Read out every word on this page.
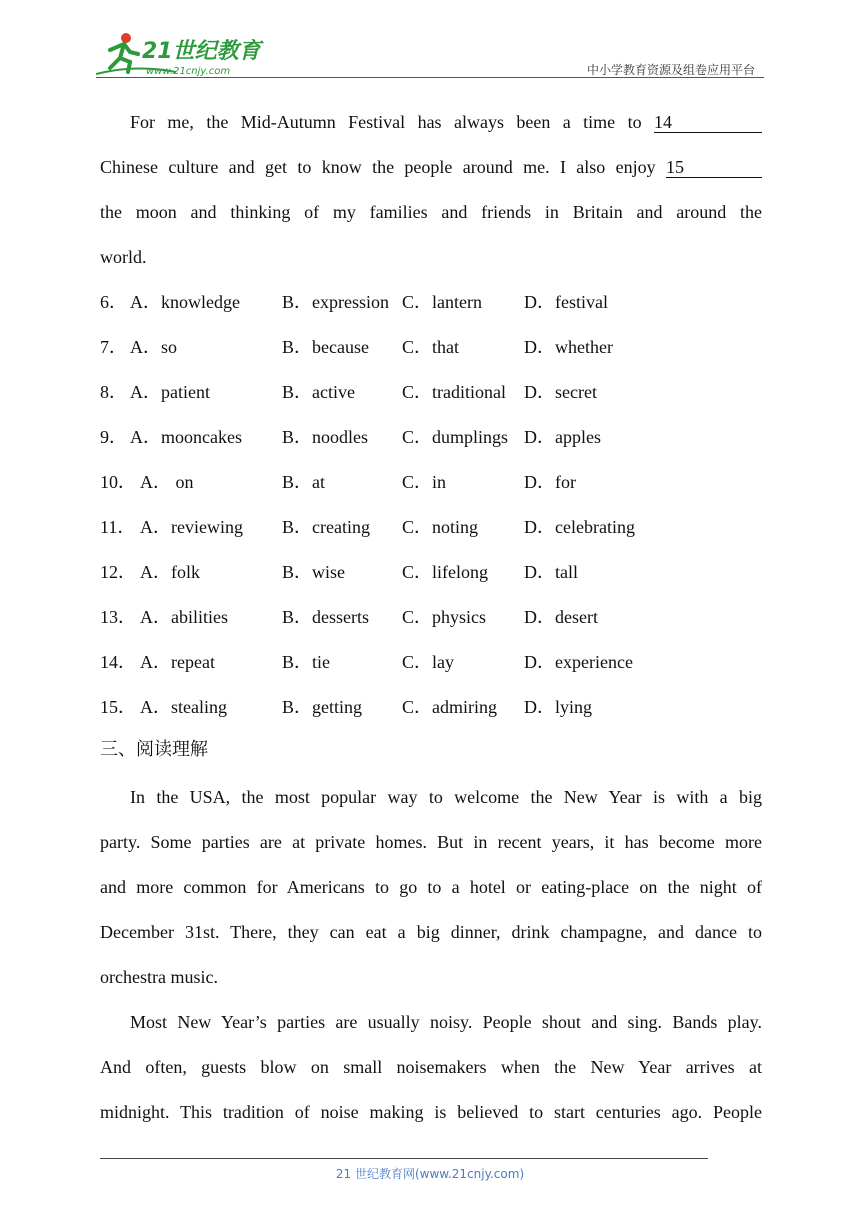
21世纪教育
www.21cnjy.com	中小学教育资源及组卷应用平台
For me, the Mid-Autumn Festival has always been a time to 14
Chinese culture and get to know the people around me. I also enjoy 15
the moon and thinking of my families and friends in Britain and around the
world.
6． A．knowledge B．expression C．lantern D．festival
7． A．so	B．because C．that	D．whether
8． A．patient	B．active	C．traditional D．secret
9． A．mooncakes B．noodles C．dumplings D．apples
10． A． on	B．at	C．in	D．for
11． A．reviewing B．creating C．noting	D．celebrating
12． A．folk	B．wise	C．lifelong D．tall
13． A．abilities	B．desserts C．physics D．desert
14． A．repeat	B．tie	C．lay	D．experience
15． A．stealing	B．getting C．admiring D．lying
三、阅读理解
In the USA, the most popular way to welcome the New Year is with a big
party. Some parties are at private homes. But in recent years, it has become more
and more common for Americans to go to a hotel or eating-place on the night of
December 31st. There, they can eat a big dinner, drink champagne, and dance to
orchestra music.
Most New Year’s parties are usually noisy. People shout and sing. Bands play.
And often, guests blow on small noisemakers when the New Year arrives at
midnight. This tradition of noise making is believed to start centuries ago. People
21 世纪教育网(www.21cnjy.com)
